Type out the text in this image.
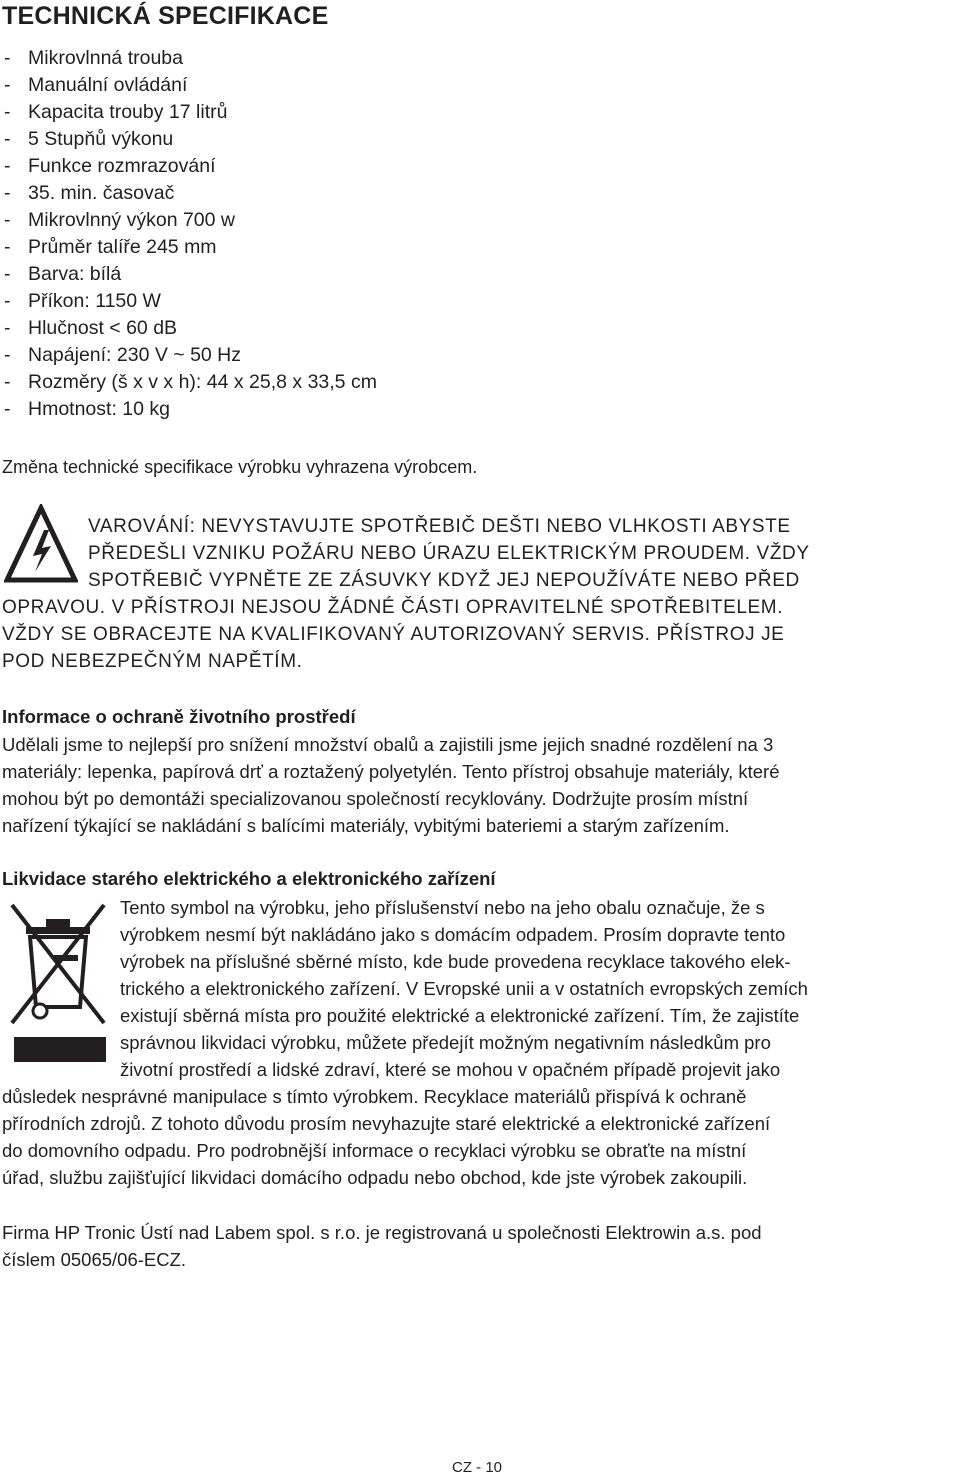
TECHNICKÁ SPECIFIKACE
- Mikrovlnná trouba
- Manuální ovládání
- Kapacita trouby 17 litrů
- 5 Stupňů výkonu
- Funkce rozmrazování
- 35. min. časovač
- Mikrovlnný výkon 700 w
- Průměr talíře 245 mm
- Barva: bílá
- Příkon: 1150 W
- Hlučnost < 60 dB
- Napájení: 230 V ~ 50 Hz
- Rozměry (š x v x h): 44 x 25,8 x 33,5 cm
- Hmotnost: 10 kg
Změna technické specifikace výrobku vyhrazena výrobcem.
VAROVÁNÍ: NEVYSTAVUJTE SPOTŘEBIČ DEŠTI NEBO VLHKOSTI ABYSTE
PŘEDEŠLI VZNIKU POŽÁRU NEBO ÚRAZU ELEKTRICKÝM PROUDEM. VŽDY
SPOTŘEBIČ VYPNĚTE ZE ZÁSUVKY KDYŽ JEJ NEPOUŽÍVÁTE NEBO PŘED
OPRAVOU. V PŘÍSTROJI NEJSOU ŽÁDNÉ ČÁSTI OPRAVITELNÉ SPOTŘEBITELEM.
VŽDY SE OBRACEJTE NA KVALIFIKOVANÝ AUTORIZOVANÝ SERVIS. PŘÍSTROJ JE
POD NEBEZPEČNÝM NAPĚTÍM.
Informace o ochraně životního prostředí
Udělali jsme to nejlepší pro snížení množství obalů a zajistili jsme jejich snadné rozdělení na 3
materiály: lepenka, papírová drť a roztažený polyetylén. Tento přístroj obsahuje materiály, které
mohou být po demontáži specializovanou společností recyklovány. Dodržujte prosím místní
nařízení týkající se nakládání s balícími materiály, vybitými bateriemi a starým zařízením.
Likvidace starého elektrického a elektronického zařízení
Tento symbol na výrobku, jeho příslušenství nebo na jeho obalu označuje, že s
výrobkem nesmí být nakládáno jako s domácím odpadem. Prosím dopravte tento
výrobek na příslušné sběrné místo, kde bude provedena recyklace takového elek-
trického a elektronického zařízení. V Evropské unii a v ostatních evropských zemích
existují sběrná místa pro použité elektrické a elektronické zařízení. Tím, že zajistíte
správnou likvidaci výrobku, můžete předejít možným negativním následkům pro
životní prostředí a lidské zdraví, které se mohou v opačném případě projevit jako
důsledek nesprávné manipulace s tímto výrobkem. Recyklace materiálů přispívá k ochraně
přírodních zdrojů. Z tohoto důvodu prosím nevyhazujte staré elektrické a elektronické zařízení
do domovního odpadu. Pro podrobnější informace o recyklaci výrobku se obraťte na místní
úřad, službu zajišťující likvidaci domácího odpadu nebo obchod, kde jste výrobek zakoupili.
Firma HP Tronic Ústí nad Labem spol. s r.o. je registrovaná u společnosti Elektrowin a.s. pod
číslem 05065/06-ECZ.
CZ - 10
